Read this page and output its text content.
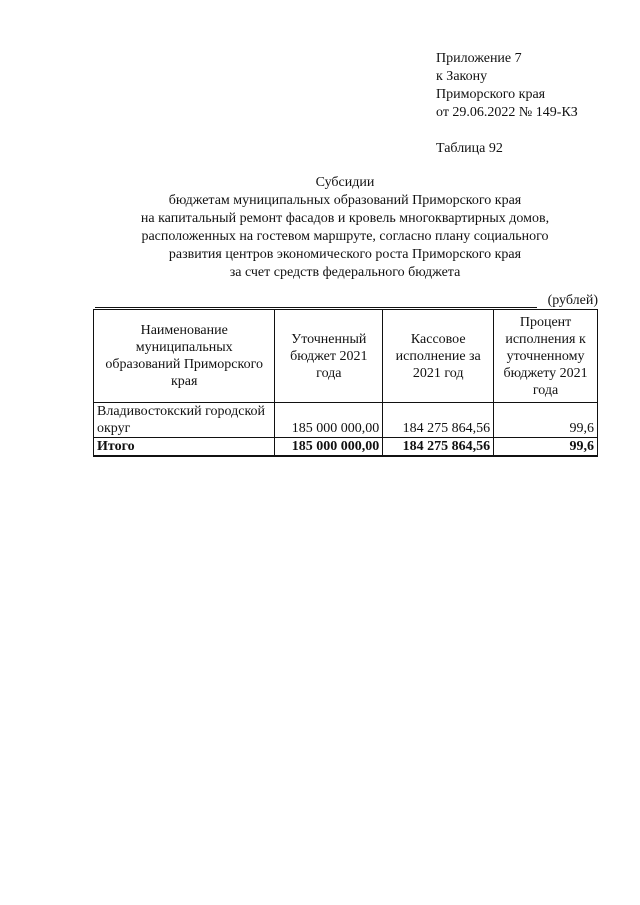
Приложение 7
к Закону
Приморского края
от 29.06.2022 № 149-КЗ
Таблица 92
Субсидии
бюджетам муниципальных образований Приморского края
на капитальный ремонт фасадов и кровель многоквартирных домов,
расположенных на гостевом маршруте, согласно плану социального
развития центров экономического роста Приморского края
за счет средств федерального бюджета
(рублей)
Наименование муниципальных образований Приморского края	Уточненный бюджет 2021 года	Кассовое исполнение за 2021 год	Процент исполнения к уточненному бюджету 2021 года
Владивостокский городской округ	185 000 000,00	184 275 864,56	99,6
Итого	185 000 000,00	184 275 864,56	99,6
